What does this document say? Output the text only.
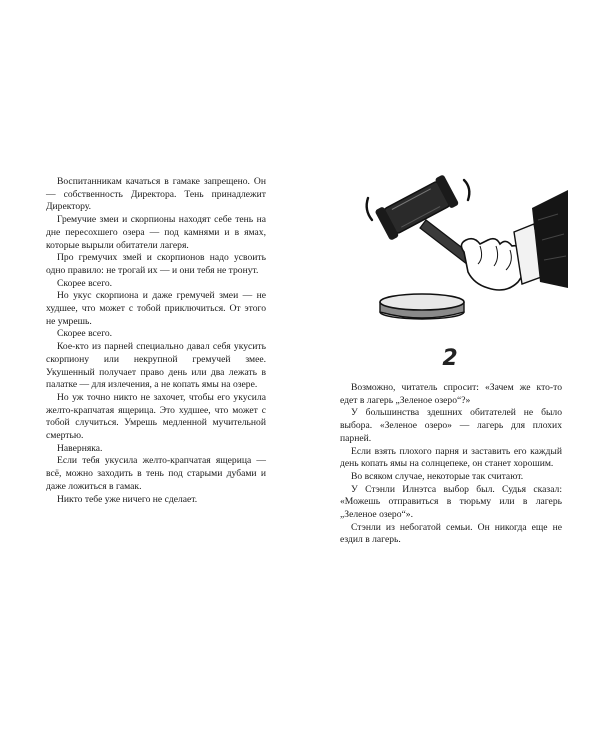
Воспитанникам качаться в гамаке запрещено. Он — собственность Директора. Тень принадлежит Директору.

Гремучие змеи и скорпионы находят себе тень на дне пересохшего озера — под камнями и в ямах, которые вырыли обитатели лагеря.

Про гремучих змей и скорпионов надо усвоить одно правило: не трогай их — и они тебя не тронут.

Скорее всего.

Но укус скорпиона и даже гремучей змеи — не худшее, что может с тобой приключиться. От этого не умрешь.

Скорее всего.

Кое-кто из парней специально давал себя укусить скорпиону или некрупной гремучей змее. Укушенный получает право день или два лежать в палатке — для излечения, а не копать ямы на озере.

Но уж точно никто не захочет, чтобы его укусила желто-крапчатая ящерица. Это худшее, что может с тобой случиться. Умрешь медленной мучительной смертью.

Наверняка.

Если тебя укусила желто-крапчатая ящерица — всё, можно заходить в тень под старыми дубами и даже ложиться в гамак.

Никто тебе уже ничего не сделает.

2

Возможно, читатель спросит: «Зачем же кто-то едет в лагерь „Зеленое озеро“?»

У большинства здешних обитателей не было выбора. «Зеленое озеро» — лагерь для плохих парней.

Если взять плохого парня и заставить его каждый день копать ямы на солнцепеке, он станет хорошим.

Во всяком случае, некоторые так считают.

У Стэнли Илнэтса выбор был. Судья сказал: «Можешь отправиться в тюрьму или в лагерь „Зеленое озеро“».

Стэнли из небогатой семьи. Он никогда еще не ездил в лагерь.
